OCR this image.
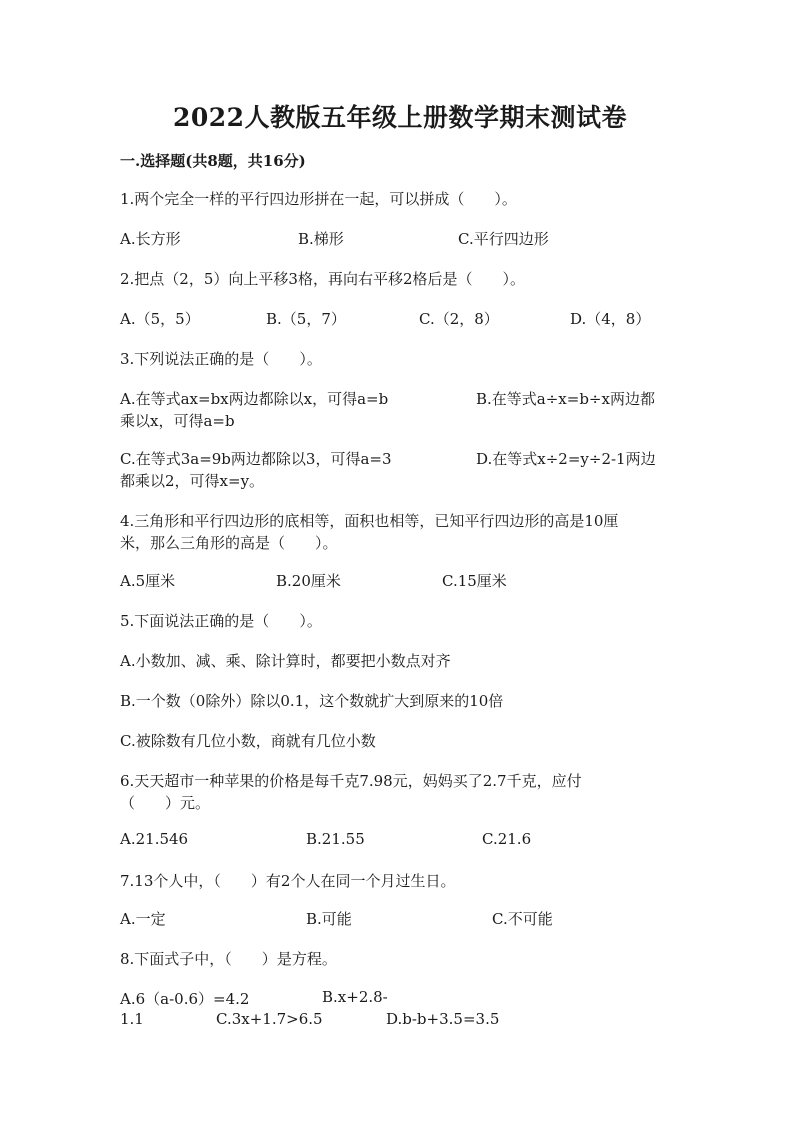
2022人教版五年级上册数学期末测试卷
一.选择题(共8题，共16分)
1.两个完全一样的平行四边形拼在一起，可以拼成（　　）。
A.长方形	B.梯形	C.平行四边形
2.把点（2，5）向上平移3格，再向右平移2格后是（　　）。
A.（5，5）	B.（5，7）	C.（2，8）	D.（4，8）
3.下列说法正确的是（　　）。
A.在等式ax=bx两边都除以x，可得a=b	B.在等式a÷x=b÷x两边都
乘以x，可得a=b
C.在等式3a=9b两边都除以3，可得a=3	D.在等式x÷2=y÷2-1两边
都乘以2，可得x=y。
4.三角形和平行四边形的底相等，面积也相等，已知平行四边形的高是10厘
米，那么三角形的高是（　　）。
A.5厘米	B.20厘米	C.15厘米
5.下面说法正确的是（　　）。
A.小数加、减、乘、除计算时，都要把小数点对齐
B.一个数（0除外）除以0.1，这个数就扩大到原来的10倍
C.被除数有几位小数，商就有几位小数
6.天天超市一种苹果的价格是每千克7.98元，妈妈买了2.7千克，应付
（　　）元。
A.21.546	B.21.55	C.21.6
7.13个人中，（　　）有2个人在同一个月过生日。
A.一定	B.可能	C.不可能
8.下面式子中，（　　）是方程。
A.6（a-0.6）=4.2	B.x+2.8-
1.1	C.3x+1.7>6.5	D.b-b+3.5=3.5
